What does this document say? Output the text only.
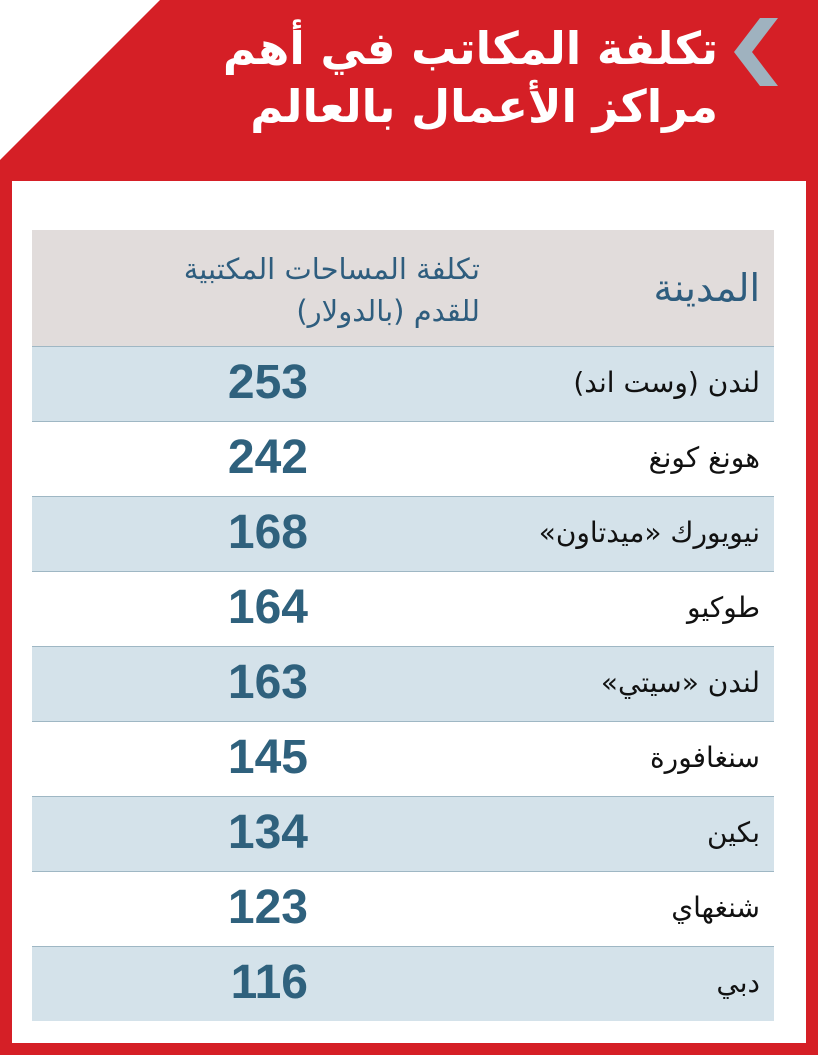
تكلفة المكاتب في أهم
مراكز الأعمال بالعالم
المدينة
تكلفة المساحات المكتبية
للقدم (بالدولار)
لندن (وست اند)
253
هونغ كونغ
242
نيويورك «ميدتاون»
168
طوكيو
164
لندن «سيتي»
163
سنغافورة
145
بكين
134
شنغهاي
123
دبي
116
